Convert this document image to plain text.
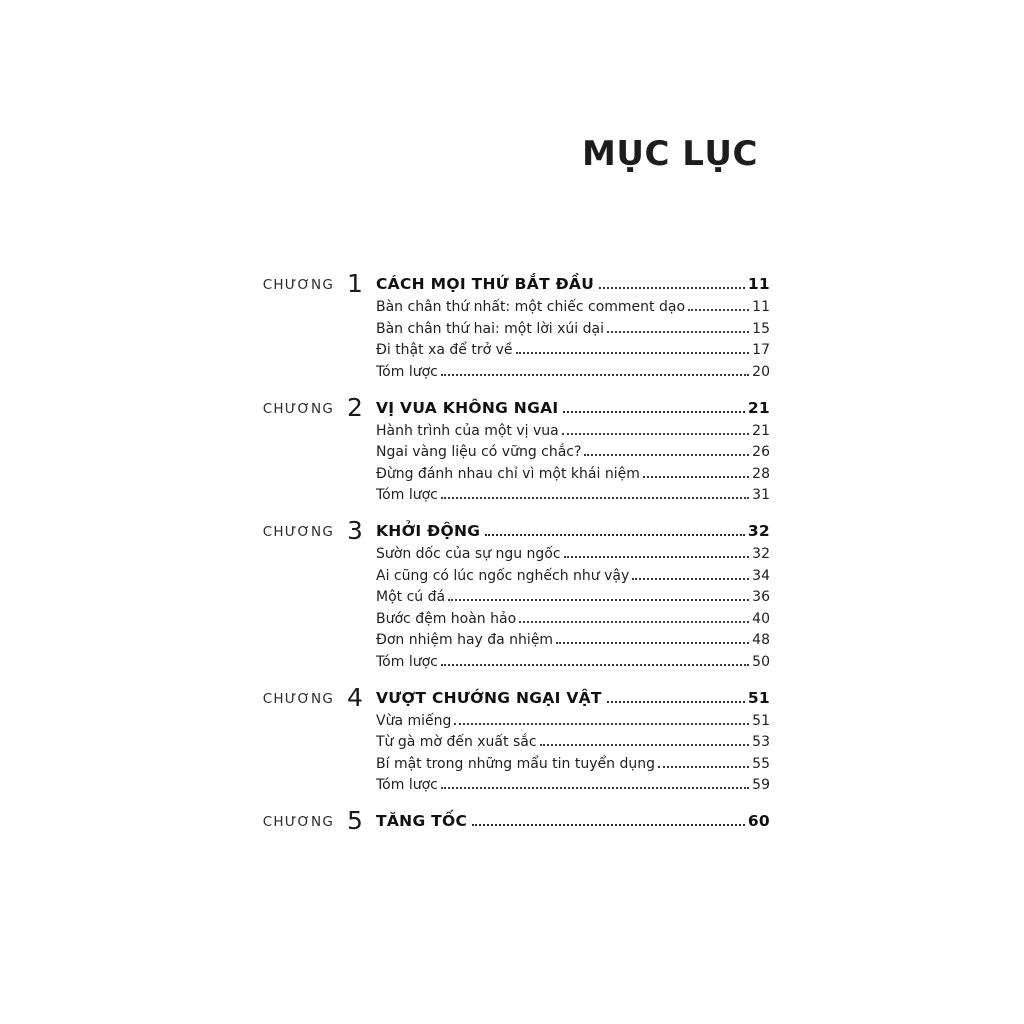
MỤC LỤC
CHƯƠNG 1 CÁCH MỌI THỨ BẮT ĐẦU	11
Bàn chân thứ nhất: một chiếc comment dạo	11
Bàn chân thứ hai: một lời xúi dại	15
Đi thật xa để trở về	17
Tóm lược	20
CHƯƠNG 2 VỊ VUA KHÔNG NGAI	21
Hành trình của một vị vua	21
Ngai vàng liệu có vững chắc?	26
Đừng đánh nhau chỉ vì một khái niệm	28
Tóm lược	31
CHƯƠNG 3 KHỞI ĐỘNG	32
Sườn dốc của sự ngu ngốc	32
Ai cũng có lúc ngốc nghếch như vậy	34
Một cú đá	36
Bước đệm hoàn hảo	40
Đơn nhiệm hay đa nhiệm	48
Tóm lược	50
CHƯƠNG 4 VƯỢT CHƯỚNG NGẠI VẬT	51
Vừa miếng	51
Từ gà mờ đến xuất sắc	53
Bí mật trong những mẩu tin tuyển dụng	55
Tóm lược	59
CHƯƠNG 5 TĂNG TỐC	60
